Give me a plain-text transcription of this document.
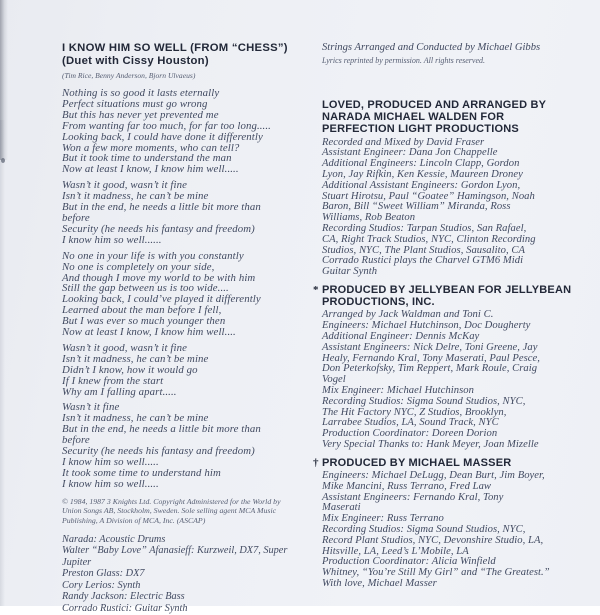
I KNOW HIM SO WELL (FROM “CHESS”)
(Duet with Cissy Houston)
(Tim Rice, Benny Anderson, Bjorn Ulvaeus)
Nothing is so good it lasts eternally
Perfect situations must go wrong
But this has never yet prevented me
From wanting far too much, for far too long.....
Looking back, I could have done it differently
Won a few more moments, who can tell?
But it took time to understand the man
Now at least I know, I know him well.....
Wasn’t it good, wasn’t it fine
Isn’t it madness, he can’t be mine
But in the end, he needs a little bit more than
before
Security (he needs his fantasy and freedom)
I know him so well......
No one in your life is with you constantly
No one is completely on your side,
And though I move my world to be with him
Still the gap between us is too wide....
Looking back, I could’ve played it differently
Learned about the man before I fell,
But I was ever so much younger then
Now at least I know, I know him well....
Wasn’t it good, wasn’t it fine
Isn’t it madness, he can’t be mine
Didn’t I know, how it would go
If I knew from the start
Why am I falling apart.....
Wasn’t it fine
Isn’t it madness, he can’t be mine
But in the end, he needs a little bit more than
before
Security (he needs his fantasy and freedom)
I know him so well.....
It took some time to understand him
I know him so well.....
© 1984, 1987 3 Knights Ltd. Copyright Administered for the World by
Union Songs AB, Stockholm, Sweden. Sole selling agent MCA Music
Publishing, A Division of MCA, Inc. (ASCAP)
Narada: Acoustic Drums
Walter “Baby Love” Afanasieff: Kurzweil, DX7, Super Jupiter
Preston Glass: DX7
Cory Lerios: Synth
Randy Jackson: Electric Bass
Corrado Rustici: Guitar Synth
Strings Arranged and Conducted by Michael Gibbs
Lyrics reprinted by permission. All rights reserved.
LOVED, PRODUCED AND ARRANGED BY
NARADA MICHAEL WALDEN FOR
PERFECTION LIGHT PRODUCTIONS
Recorded and Mixed by David Fraser
Assistant Engineer: Dana Jon Chappelle
Additional Engineers: Lincoln Clapp, Gordon
Lyon, Jay Rifkin, Ken Kessie, Maureen Droney
Additional Assistant Engineers: Gordon Lyon,
Stuart Hirotsu, Paul “Goatee” Hamingson, Noah
Baron, Bill “Sweet William” Miranda, Ross
Williams, Rob Beaton
Recording Studios: Tarpan Studios, San Rafael,
CA, Right Track Studios, NYC, Clinton Recording
Studios, NYC, The Plant Studios, Sausalito, CA
Corrado Rustici plays the Charvel GTM6 Midi
Guitar Synth
* PRODUCED BY JELLYBEAN FOR JELLYBEAN
PRODUCTIONS, INC.
Arranged by Jack Waldman and Toni C.
Engineers: Michael Hutchinson, Doc Dougherty
Additional Engineer: Dennis McKay
Assistant Engineers: Nick Delre, Toni Greene, Jay
Healy, Fernando Kral, Tony Maserati, Paul Pesce,
Don Peterkofsky, Tim Reppert, Mark Roule, Craig
Vogel
Mix Engineer: Michael Hutchinson
Recording Studios: Sigma Sound Studios, NYC,
The Hit Factory NYC, Z Studios, Brooklyn,
Larrabee Studios, LA, Sound Track, NYC
Production Coordinator: Doreen Dorion
Very Special Thanks to: Hank Meyer, Joan Mizelle
† PRODUCED BY MICHAEL MASSER
Engineers: Michael DeLugg, Dean Burt, Jim Boyer,
Mike Mancini, Russ Terrano, Fred Law
Assistant Engineers: Fernando Kral, Tony
Maserati
Mix Engineer: Russ Terrano
Recording Studios: Sigma Sound Studios, NYC,
Record Plant Studios, NYC, Devonshire Studio, LA,
Hitsville, LA, Leed’s L’Mobile, LA
Production Coordinator: Alicia Winfield
Whitney, “You’re Still My Girl” and “The Greatest.”
With love, Michael Masser
